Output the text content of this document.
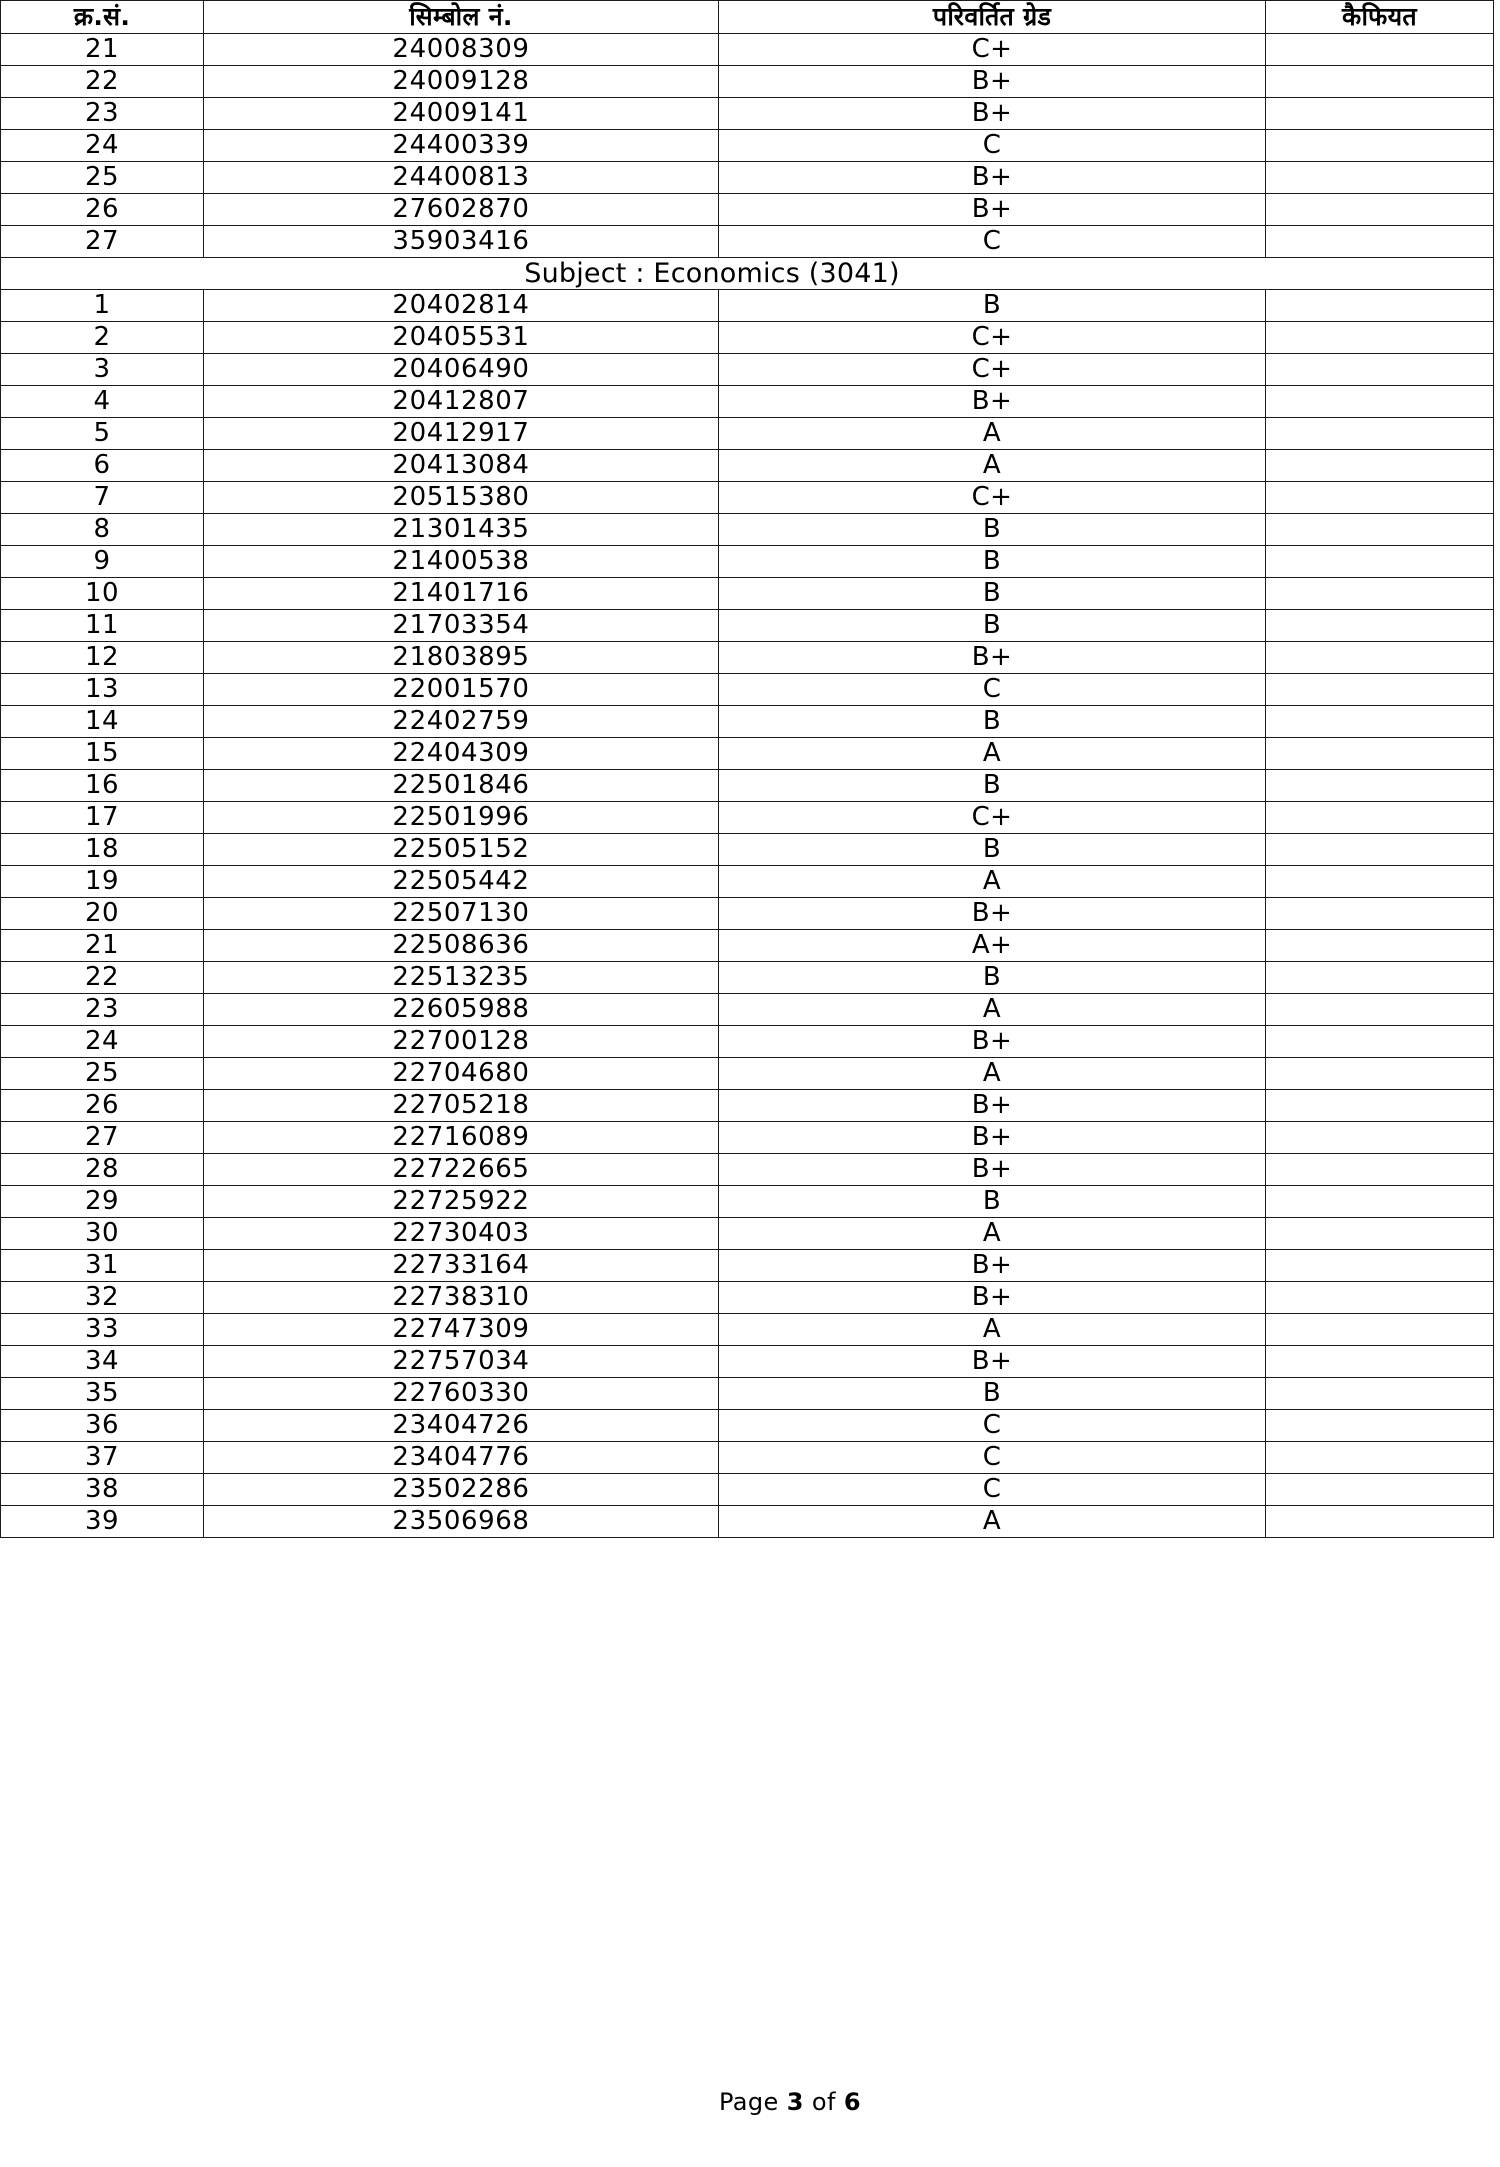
क्र.सं.	सिम्बोल नं.	परिवर्तित ग्रेड	कैफियत
21	24008309	C+	
22	24009128	B+	
23	24009141	B+	
24	24400339	C	
25	24400813	B+	
26	27602870	B+	
27	35903416	C	
Subject : Economics (3041)			
1	20402814	B	
2	20405531	C+	
3	20406490	C+	
4	20412807	B+	
5	20412917	A	
6	20413084	A	
7	20515380	C+	
8	21301435	B	
9	21400538	B	
10	21401716	B	
11	21703354	B	
12	21803895	B+	
13	22001570	C	
14	22402759	B	
15	22404309	A	
16	22501846	B	
17	22501996	C+	
18	22505152	B	
19	22505442	A	
20	22507130	B+	
21	22508636	A+	
22	22513235	B	
23	22605988	A	
24	22700128	B+	
25	22704680	A	
26	22705218	B+	
27	22716089	B+	
28	22722665	B+	
29	22725922	B	
30	22730403	A	
31	22733164	B+	
32	22738310	B+	
33	22747309	A	
34	22757034	B+	
35	22760330	B	
36	23404726	C	
37	23404776	C	
38	23502286	C	
39	23506968	A	
Page 3 of 6
